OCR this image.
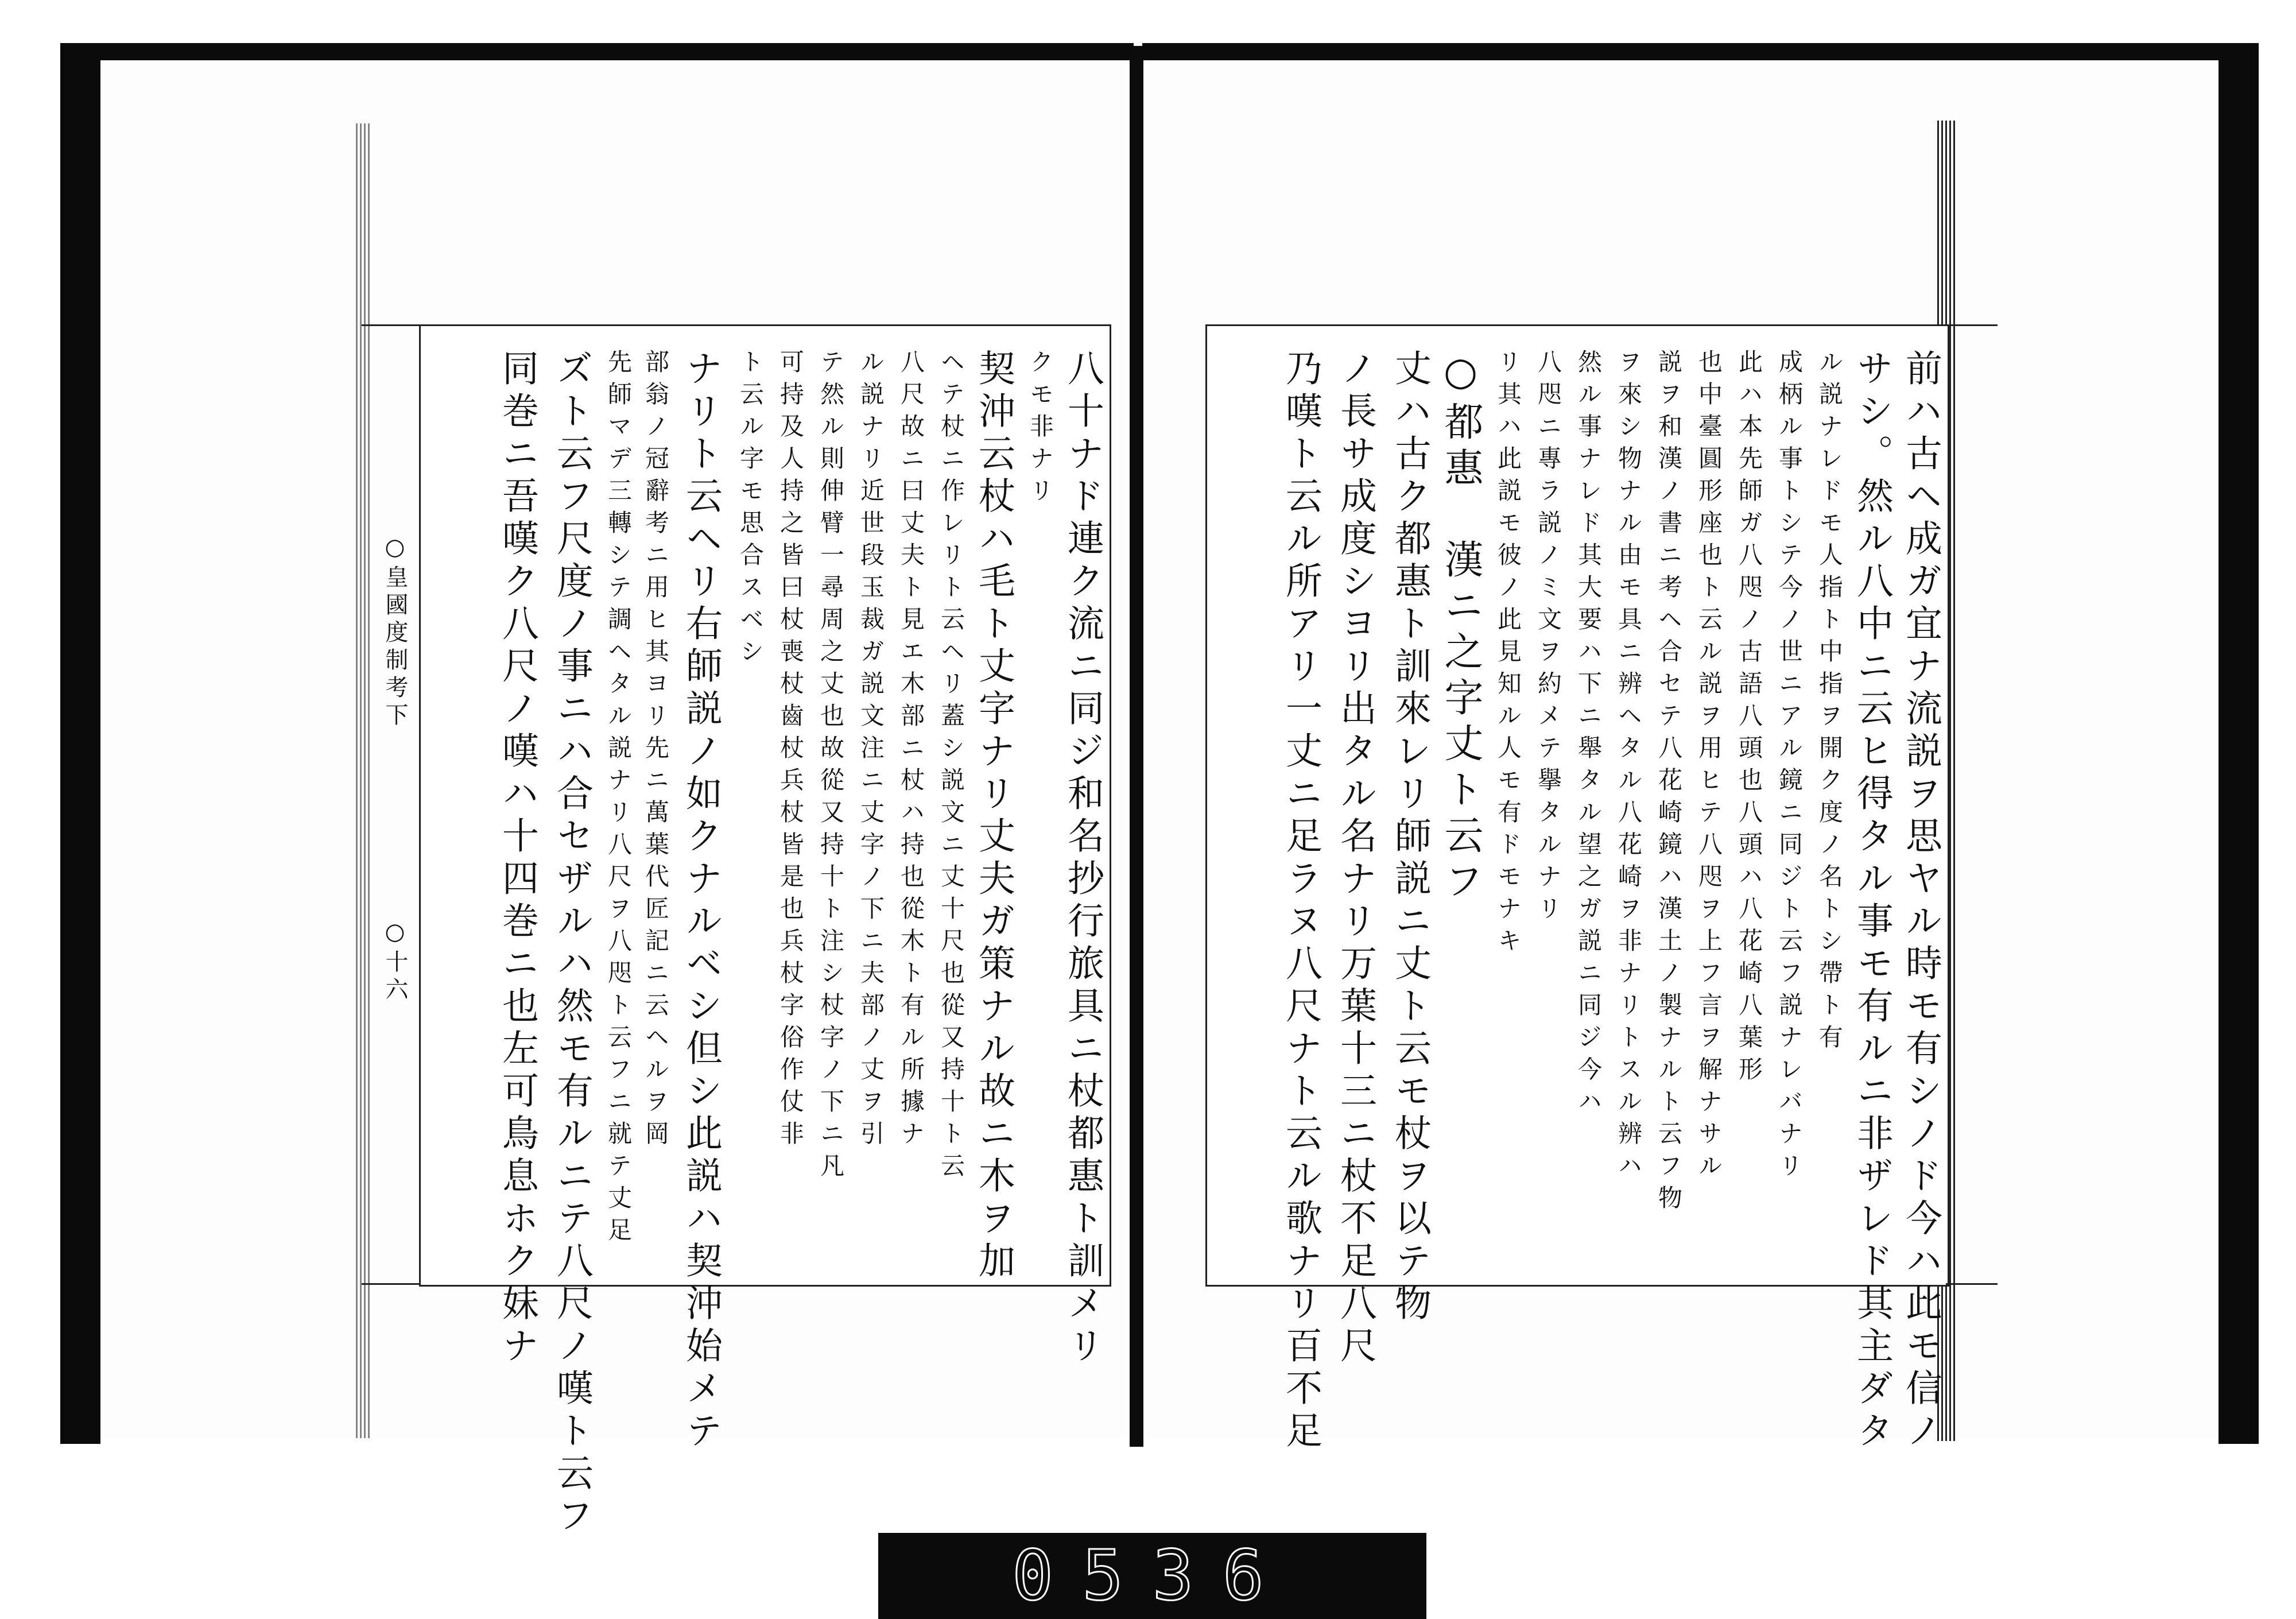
八十ナド連ク流ニ同ジ和名抄行旅具ニ杖都惠ト訓メリ
クモ非ナリ
契沖云杖ハ毛ト丈字ナリ丈夫ガ策ナル故ニ木ヲ加
ヘテ杖ニ作レリト云ヘリ蓋シ説文ニ丈十尺也從又持十ト云
八尺故ニ曰丈夫ト見エ木部ニ杖ハ持也從木ト有ル所據ナ
ル説ナリ近世段玉裁ガ説文注ニ丈字ノ下ニ夫部ノ丈ヲ引
テ然ル則伸臂一尋周之丈也故從又持十ト注シ杖字ノ下ニ凡
可持及人持之皆曰杖喪杖齒杖兵杖皆是也兵杖字俗作仗非
ト云ル字モ思合スベシ
ナリト云ヘリ右師説ノ如クナルベシ但シ此説ハ契沖始メテ
部翁ノ冠辭考ニ用ヒ其ヨリ先ニ萬葉代匠記ニ云ヘルヲ岡
先師マデ三轉シテ調ヘタル説ナリ八尺ヲ八咫ト云フニ就テ丈足
ズト云フ尺度ノ事ニハ合セザルハ然モ有ルニテ八尺ノ嘆ト云フ
同巻ニ吾嘆ク八尺ノ嘆ハ十四巻ニ也左可鳥息ホク妹ナ
○皇國度制考下
○十六	前ハ古ヘ成ガ宜ナ流説ヲ思ヤル時モ有シノド今ハ此モ信ノ
サシ。然ル八中ニ云ヒ得タル事モ有ルニ非ザレド其主ダタ
ル説ナレドモ人指ト中指ヲ開ク度ノ名トシ帶ト有
成柄ル事トシテ今ノ世ニアル鏡ニ同ジト云フ説ナレバナリ
此ハ本先師ガ八咫ノ古語八頭也八頭ハ八花崎八葉形
也中臺圓形座也ト云ル説ヲ用ヒテ八咫ヲ上フ言ヲ解ナサル
説ヲ和漢ノ書ニ考ヘ合セテ八花崎鏡ハ漢土ノ製ナルト云フ物
ヲ來シ物ナル由モ具ニ辨ヘタル八花崎ヲ非ナリトスル辨ハ
然ル事ナレド其大要ハ下ニ舉タル望之ガ説ニ同ジ今ハ
八咫ニ專ラ説ノミ文ヲ約メテ擧タルナリ
リ其ハ此説モ彼ノ此見知ル人モ有ドモナキ
○都惠　漢ニ之字丈ト云フ
丈ハ古ク都惠ト訓來レリ師説ニ丈ト云モ杖ヲ以テ物
ノ長サ成度シヨリ出タル名ナリ万葉十三ニ杖不足八尺
乃嘆ト云ル所アリ一丈ニ足ラヌ八尺ナト云ル歌ナリ百不足
0536
